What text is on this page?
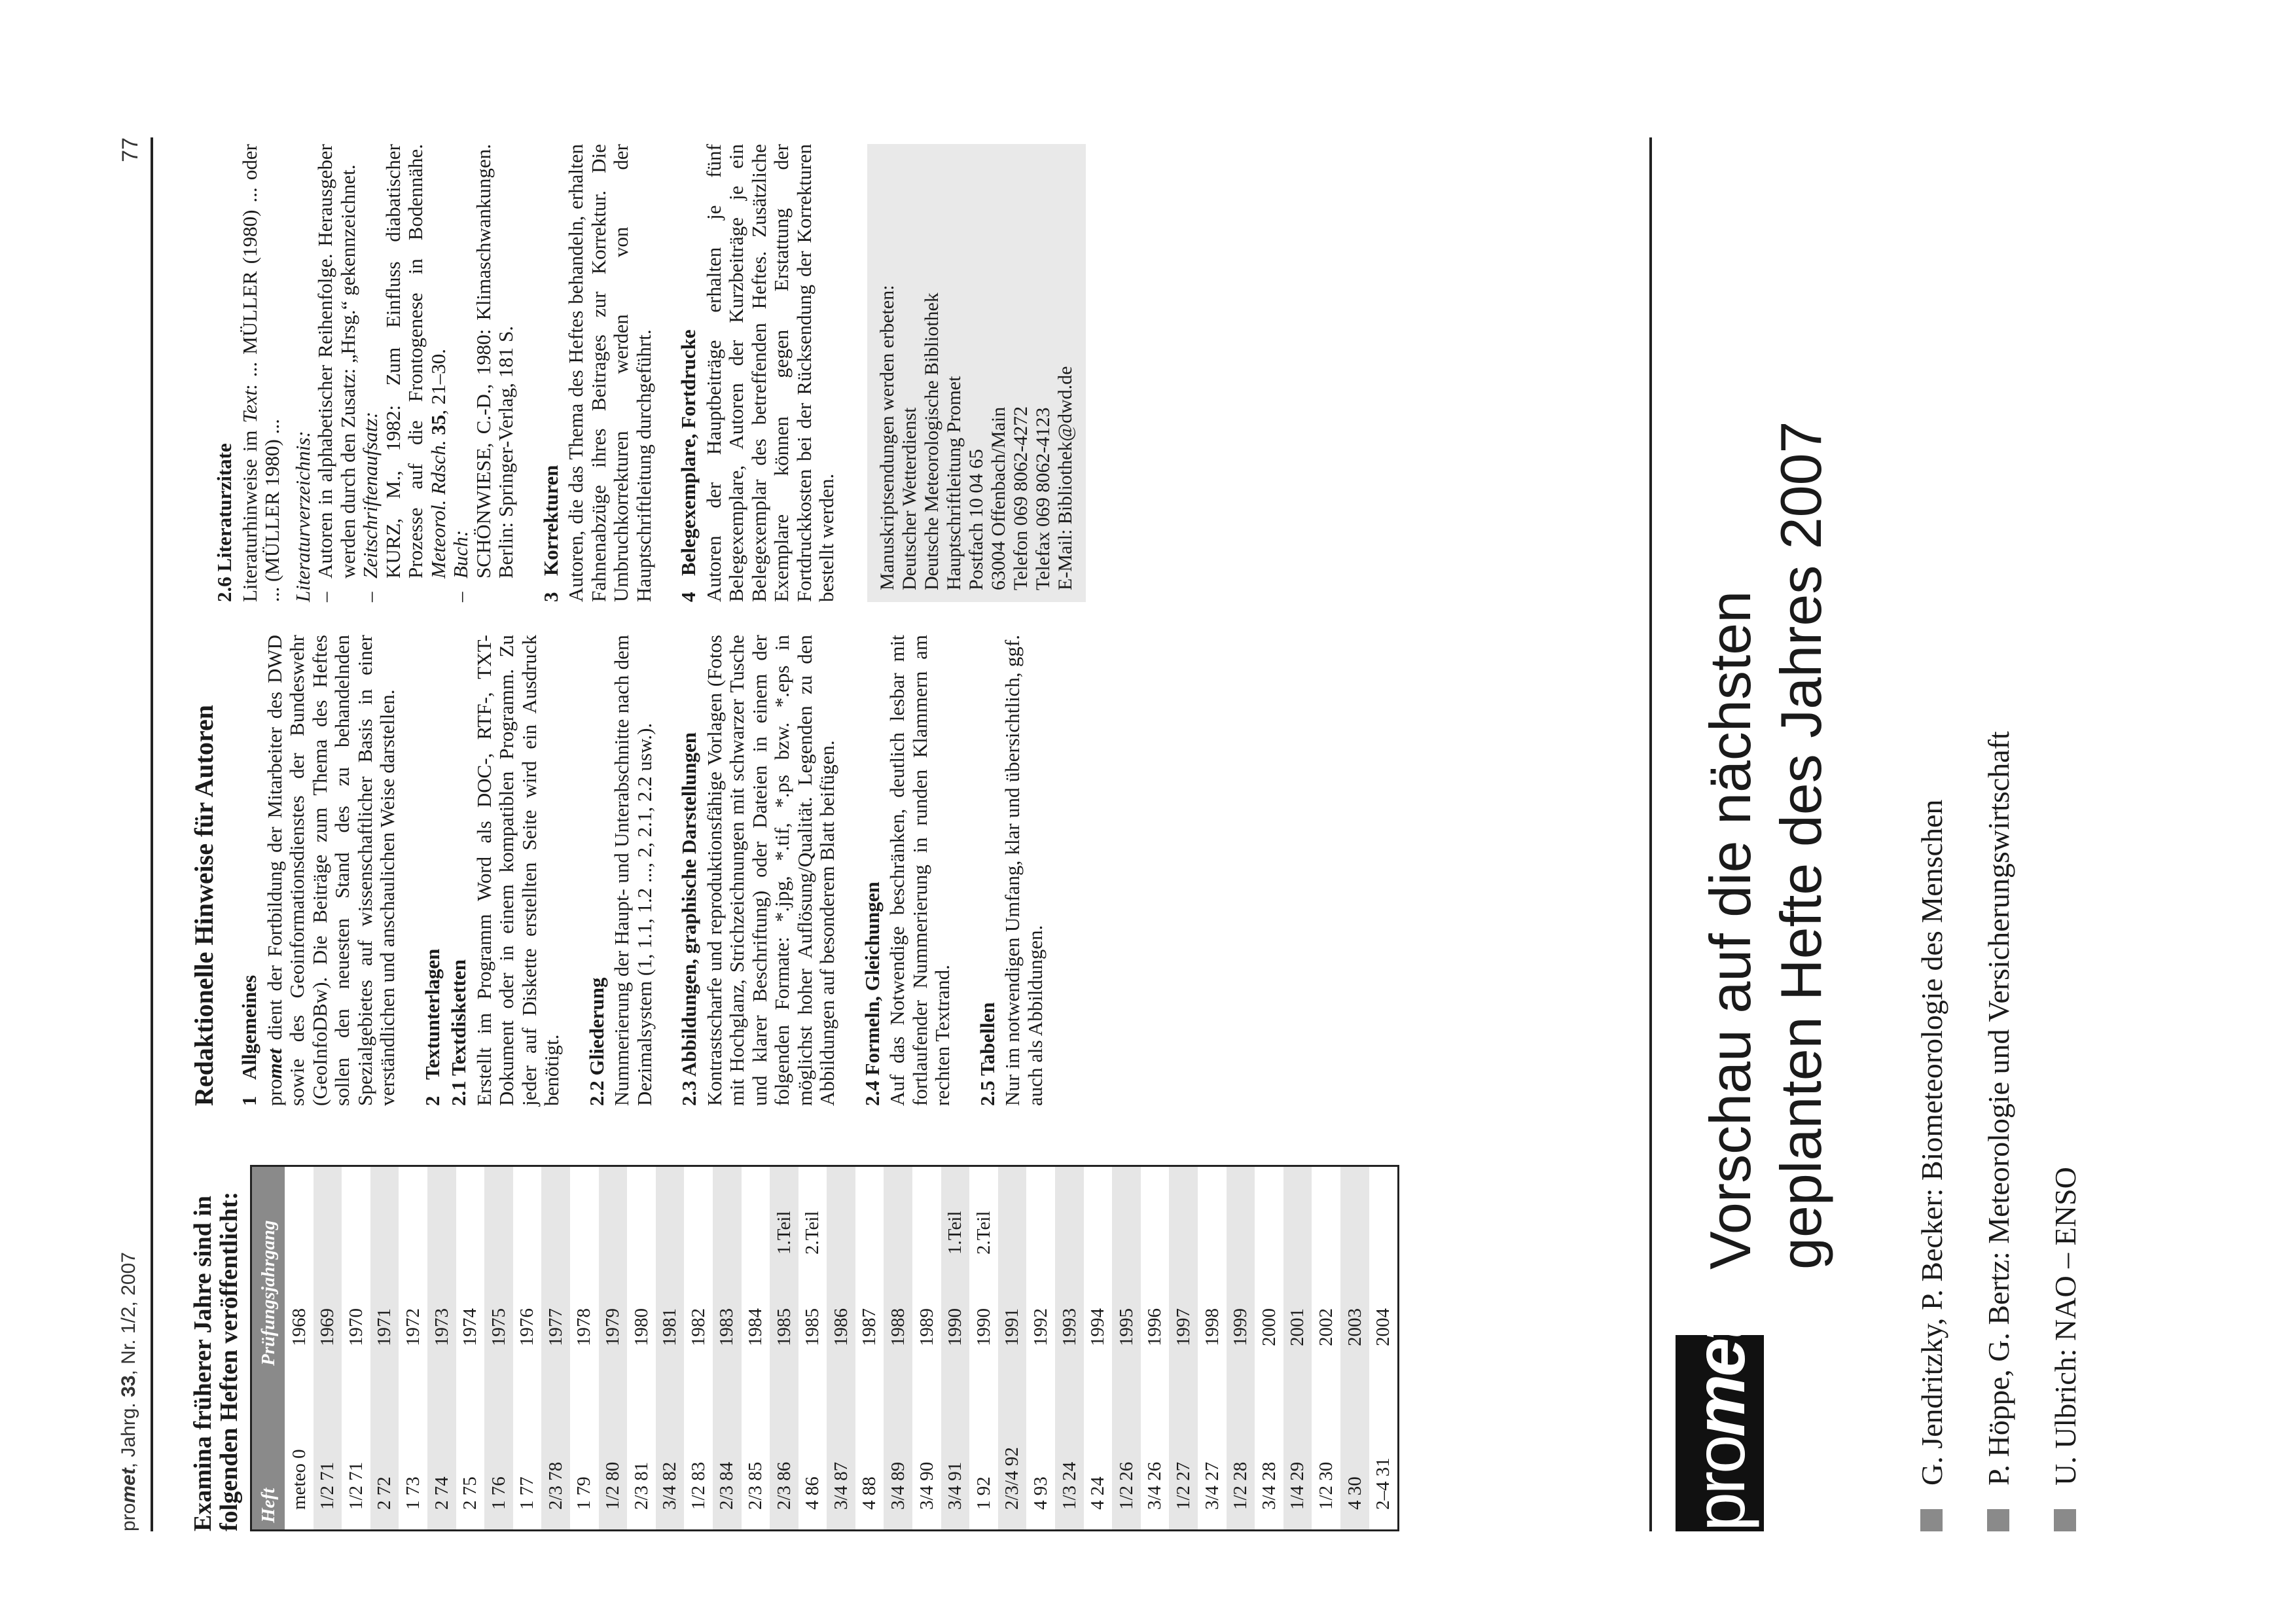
promet, Jahrg. 33, Nr. 1/2, 2007
77
Examina früherer Jahre sind in
folgenden Heften veröffentlicht: Heft	Prüfungsjahrgang	
meteo 0	1968	
1/2 71	1969	
1/2 71	1970	
2 72	1971	
1 73	1972	
2 74	1973	
2 75	1974	
1 76	1975	
1 77	1976	
2/3 78	1977	
1 79	1978	
1/2 80	1979	
2/3 81	1980	
3/4 82	1981	
1/2 83	1982	
2/3 84	1983	
2/3 85	1984	
2/3 86	1985	1.Teil
4 86	1985	2.Teil
3/4 87	1986	
4 88	1987	
3/4 89	1988	
3/4 90	1989	
3/4 91	1990	1.Teil
1 92	1990	2.Teil
2/3/4 92	1991	
4 93	1992	
1/3 24	1993	
4 24	1994	
1/2 26	1995	
3/4 26	1996	
1/2 27	1997	
3/4 27	1998	
1/2 28	1999	
3/4 28	2000	
1/4 29	2001	
1/2 30	2002	
4 30	2003	
2–4 31	2004	
Redaktionelle Hinweise für Autoren 1Allgemeines
promet dient der Fortbildung der Mitarbeiter des DWD sowie des Geoinformationsdienstes der Bundeswehr (GeoInfoDBw). Die Beiträge zum Thema des Heftes sollen den neuesten Stand des zu behandelnden Spezialgebietes auf wissenschaftlicher Basis in einer verständlichen und anschaulichen Weise darstellen. 2Textunterlagen
2.1 Textdisketten Erstellt im Programm Word als DOC-, RTF-, TXT-Dokument oder in einem kompatiblen Programm. Zu jeder auf Diskette erstellten Seite wird ein Ausdruck benötigt. 2.2 Gliederung Nummerierung der Haupt- und Unterabschnitte nach dem Dezimalsystem (1, 1.1, 1.2 ..., 2, 2.1, 2.2 usw.). 2.3 Abbildungen, graphische Darstellungen Kontrastscharfe und reproduktionsfähige Vorlagen (Fotos mit Hochglanz, Strichzeichnungen mit schwarzer Tusche und klarer Beschriftung) oder Dateien in einem der folgenden Formate: *.jpg, *.tif, *.ps bzw. *.eps in möglichst hoher Auflösung/Qualität. Legenden zu den Abbildungen auf besonderem Blatt beifügen. 2.4 Formeln, Gleichungen Auf das Notwendige beschränken, deutlich lesbar mit fortlaufender Nummerierung in runden Klammern am rechten Textrand. 2.5 Tabellen Nur im notwendigen Umfang, klar und übersichtlich, ggf. auch als Abbildungen.
2.6 Literaturzitate Literaturhinweise im Text: ... MÜLLER (1980) ... oder ... (MÜLLER 1980) ... Literaturverzeichnis: –
Autoren in alphabetischer Reihenfolge. Herausgeber werden durch den Zusatz: „Hrsg.“ gekennzeichnet.
–
Zeitschriftenaufsatz:
KURZ, M., 1982: Zum Einfluss diabatischer Prozesse auf die Frontogenese in Bodennähe. Meteorol. Rdsch. 35, 21–30.
–
Buch:
SCHÖNWIESE, C.-D., 1980: Klimaschwankungen. Berlin: Springer-Verlag, 181 S.
3Korrekturen Autoren, die das Thema des Heftes behandeln, erhalten Fahnenabzüge ihres Beitrages zur Korrektur. Die Umbruchkorrekturen werden von der Hauptschriftleitung durchgeführt. 4Belegexemplare, Fortdrucke Autoren der Hauptbeiträge erhalten je fünf Belegexemplare, Autoren der Kurzbeiträge je ein Belegexemplar des betreffenden Heftes. Zusätzliche Exemplare können gegen Erstattung der Fortdruckkosten bei der Rücksendung der Korrekturen bestellt werden. Manuskriptsendungen werden erbeten: Deutscher Wetterdienst Deutsche Meteorologische Bibliothek Hauptschriftleitung Promet Postfach 10 04 65 63004 Offenbach/Main Telefon 069 8062-4272 Telefax 069 8062-4123 E-Mail: Bibliothek@dwd.de
promet
Vorschau auf die nächsten geplanten Hefte des Jahres 2007	G. Jendritzky, P. Becker: Biometeorologie des Menschen P. Höppe, G. Bertz: Meteorologie und Versicherungswirtschaft U. Ulbrich: NAO – ENSO
